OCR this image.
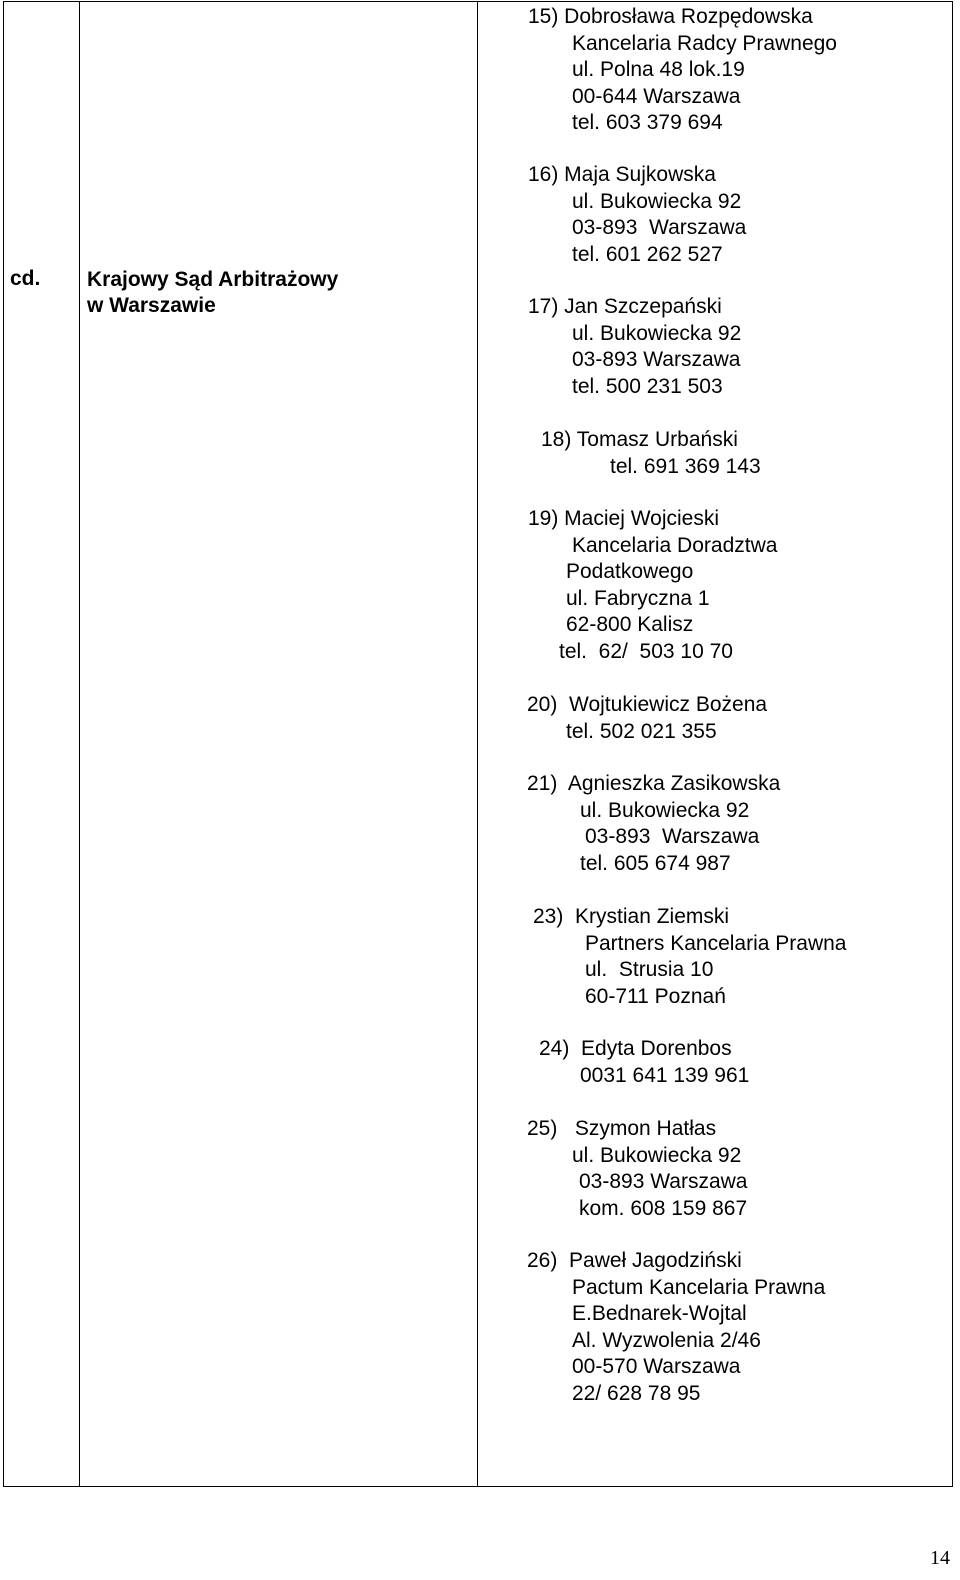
cd. Krajowy Sąd Arbitrażowy
w Warszawie
15) Dobrosława Rozpędowska
Kancelaria Radcy Prawnego
ul. Polna 48 lok.19
00-644 Warszawa
tel. 603 379 694
16) Maja Sujkowska
ul. Bukowiecka 92
03-893  Warszawa
tel. 601 262 527
17) Jan Szczepański
ul. Bukowiecka 92
03-893 Warszawa
tel. 500 231 503
18) Tomasz Urbański
tel. 691 369 143
19) Maciej Wojcieski
Kancelaria Doradztwa
Podatkowego
ul. Fabryczna 1
62-800 Kalisz
tel.  62/  503 10 70
20)  Wojtukiewicz Bożena
tel. 502 021 355
21)  Agnieszka Zasikowska
ul. Bukowiecka 92
03-893  Warszawa
tel. 605 674 987
23)  Krystian Ziemski
Partners Kancelaria Prawna
ul.  Strusia 10
60-711 Poznań
24)  Edyta Dorenbos
0031 641 139 961
25)   Szymon Hatłas
ul. Bukowiecka 92
03-893 Warszawa
kom. 608 159 867
26)  Paweł Jagodziński
Pactum Kancelaria Prawna
E.Bednarek-Wojtal
Al. Wyzwolenia 2/46
00-570 Warszawa
22/ 628 78 95
14
